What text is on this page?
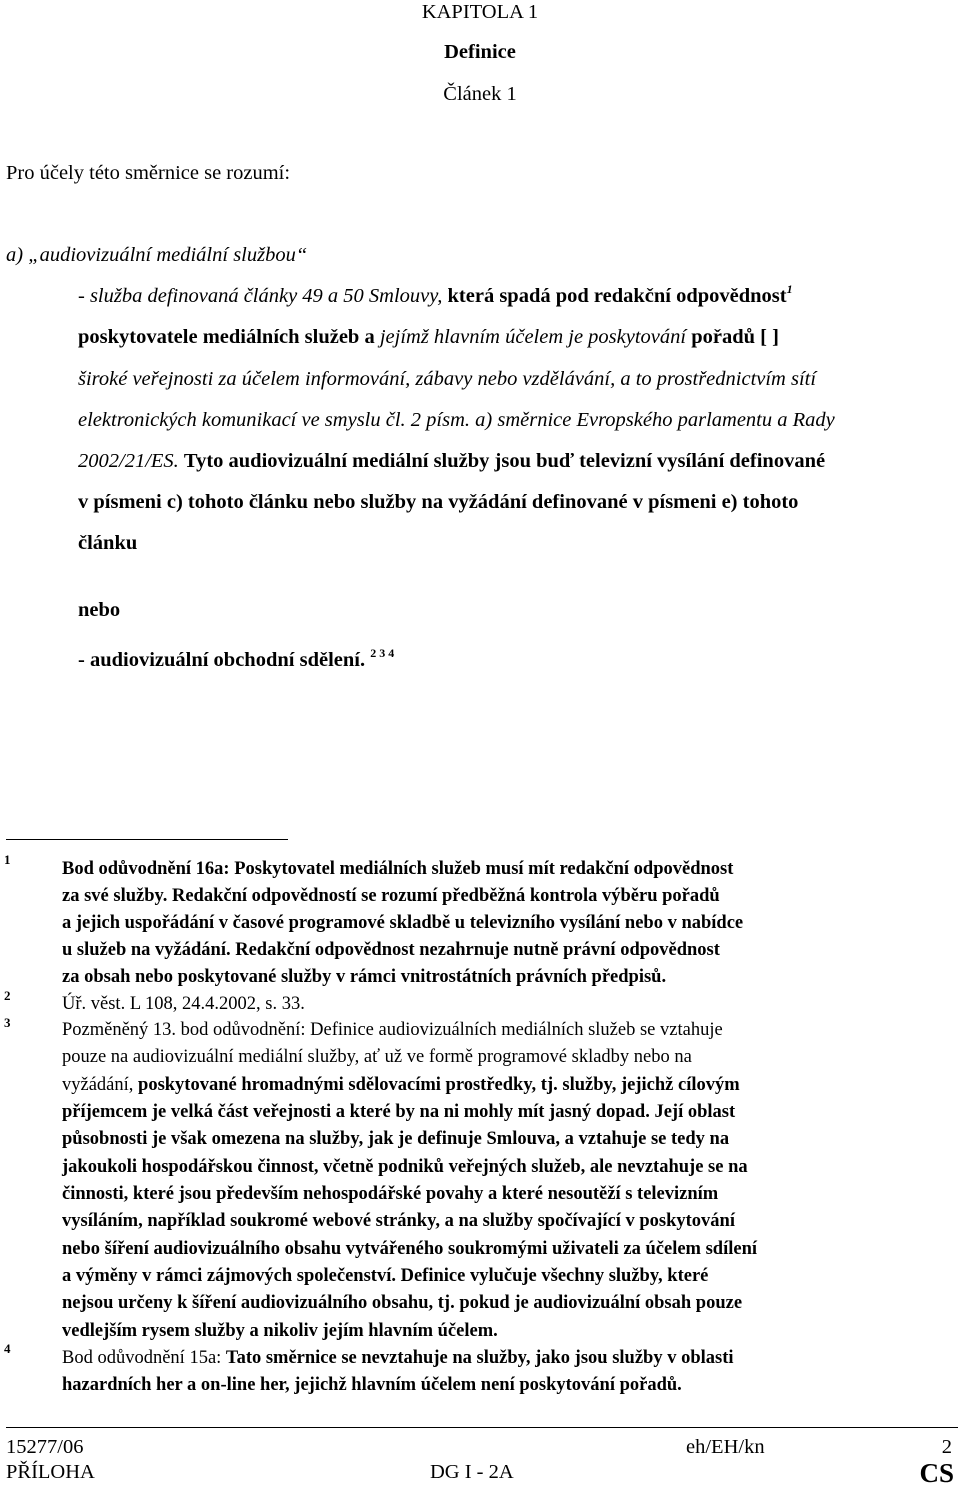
KAPITOLA 1
Definice
Článek 1
Pro účely této směrnice se rozumí:
a) „audiovizuální mediální službou“
- služba definovaná články 49 a 50 Smlouvy, která spadá pod redakční odpovědnost$^1$
poskytovatele mediálních služeb a jejímž hlavním účelem je poskytování pořadů [ ]
široké veřejnosti za účelem informování, zábavy nebo vzdělávání, a to prostřednictvím sítí
elektronických komunikací ve smyslu čl. 2 písm. a) směrnice Evropského parlamentu a Rady
2002/21/ES. Tyto audiovizuální mediální služby jsou buď televizní vysílání definované
v písmeni c) tohoto článku nebo služby na vyžádání definované v písmeni e) tohoto
článku
nebo
- audiovizuální obchodní sdělení. $^{2 3 4}$
1	Bod odůvodnění 16a: Poskytovatel mediálních služeb musí mít redakční odpovědnost
za své služby. Redakční odpovědností se rozumí předběžná kontrola výběru pořadů
a jejich uspořádání v časové programové skladbě u televizního vysílání nebo v nabídce
u služeb na vyžádání. Redakční odpovědnost nezahrnuje nutně právní odpovědnost
za obsah nebo poskytované služby v rámci vnitrostátních právních předpisů.
2	Úř. věst. L 108, 24.4.2002, s. 33.
3	Pozměněný 13. bod odůvodnění: Definice audiovizuálních mediálních služeb se vztahuje
pouze na audiovizuální mediální služby, ať už ve formě programové skladby nebo na
vyžádání, poskytované hromadnými sdělovacími prostředky, tj. služby, jejichž cílovým
příjemcem je velká část veřejnosti a které by na ni mohly mít jasný dopad. Její oblast
působnosti je však omezena na služby, jak je definuje Smlouva, a vztahuje se tedy na
jakoukoli hospodářskou činnost, včetně podniků veřejných služeb, ale nevztahuje se na
činnosti, které jsou především nehospodářské povahy a které nesoutěží s televizním
vysíláním, například soukromé webové stránky, a na služby spočívající v poskytování
nebo šíření audiovizuálního obsahu vytvářeného soukromými uživateli za účelem sdílení
a výměny v rámci zájmových společenství. Definice vylučuje všechny služby, které
nejsou určeny k šíření audiovizuálního obsahu, tj. pokud je audiovizuální obsah pouze
vedlejším rysem služby a nikoliv jejím hlavním účelem.
4	Bod odůvodnění 15a: Tato směrnice se nevztahuje na služby, jako jsou služby v oblasti
hazardních her a on-line her, jejichž hlavním účelem není poskytování pořadů.
15277/06	eh/EH/kn	2
PŘÍLOHA	DG I - 2A	CS
